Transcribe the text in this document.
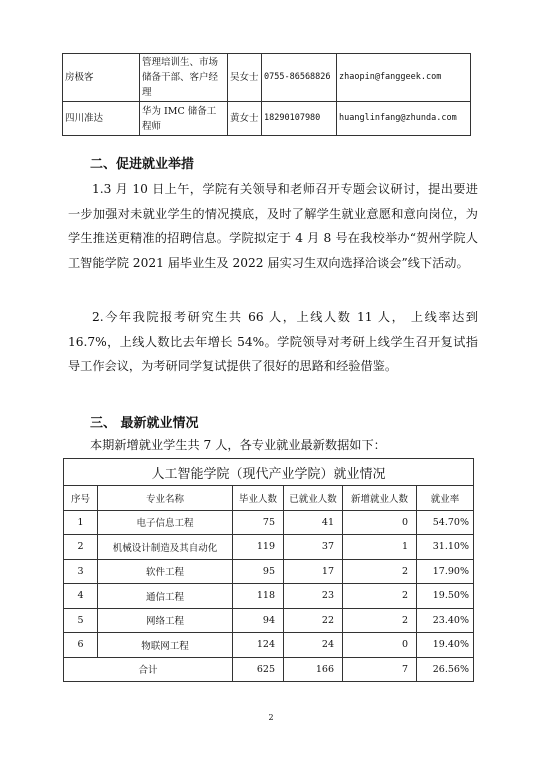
房极客	管理培训生、市场储备干部、客户经理	吴女士	0755-86568826	zhaopin@fanggeek.com
四川准达	华为 IMC 储备工程师	黄女士	18290107980	huanglinfang@zhunda.com
二、促进就业举措

1.3 月 10 日上午，学院有关领导和老师召开专题会议研讨，提出要进一步加强对未就业学生的情况摸底，及时了解学生就业意愿和意向岗位，为学生推送更精准的招聘信息。学院拟定于 4 月 8 号在我校举办“贺州学院人工智能学院 2021 届毕业生及 2022 届实习生双向选择洽谈会”线下活动。

2.今年我院报考研究生共 66 人，上线人数 11 人， 上线率达到 16.7%，上线人数比去年增长 54%。学院领导对考研上线学生召开复试指导工作会议，为考研同学复试提供了很好的思路和经验借鉴。

三、 最新就业情况

本期新增就业学生共 7 人，各专业就业最新数据如下：

人工智能学院（现代产业学院）就业情况					
序号	专业名称	毕业人数	已就业人数	新增就业人数	就业率
1	电子信息工程	75	41	0	54.70%
2	机械设计制造及其自动化	119	37	1	31.10%
3	软件工程	95	17	2	17.90%
4	通信工程	118	23	2	19.50%
5	网络工程	94	22	2	23.40%
6	物联网工程	124	24	0	19.40%
合计		625	166	7	26.56%
2
